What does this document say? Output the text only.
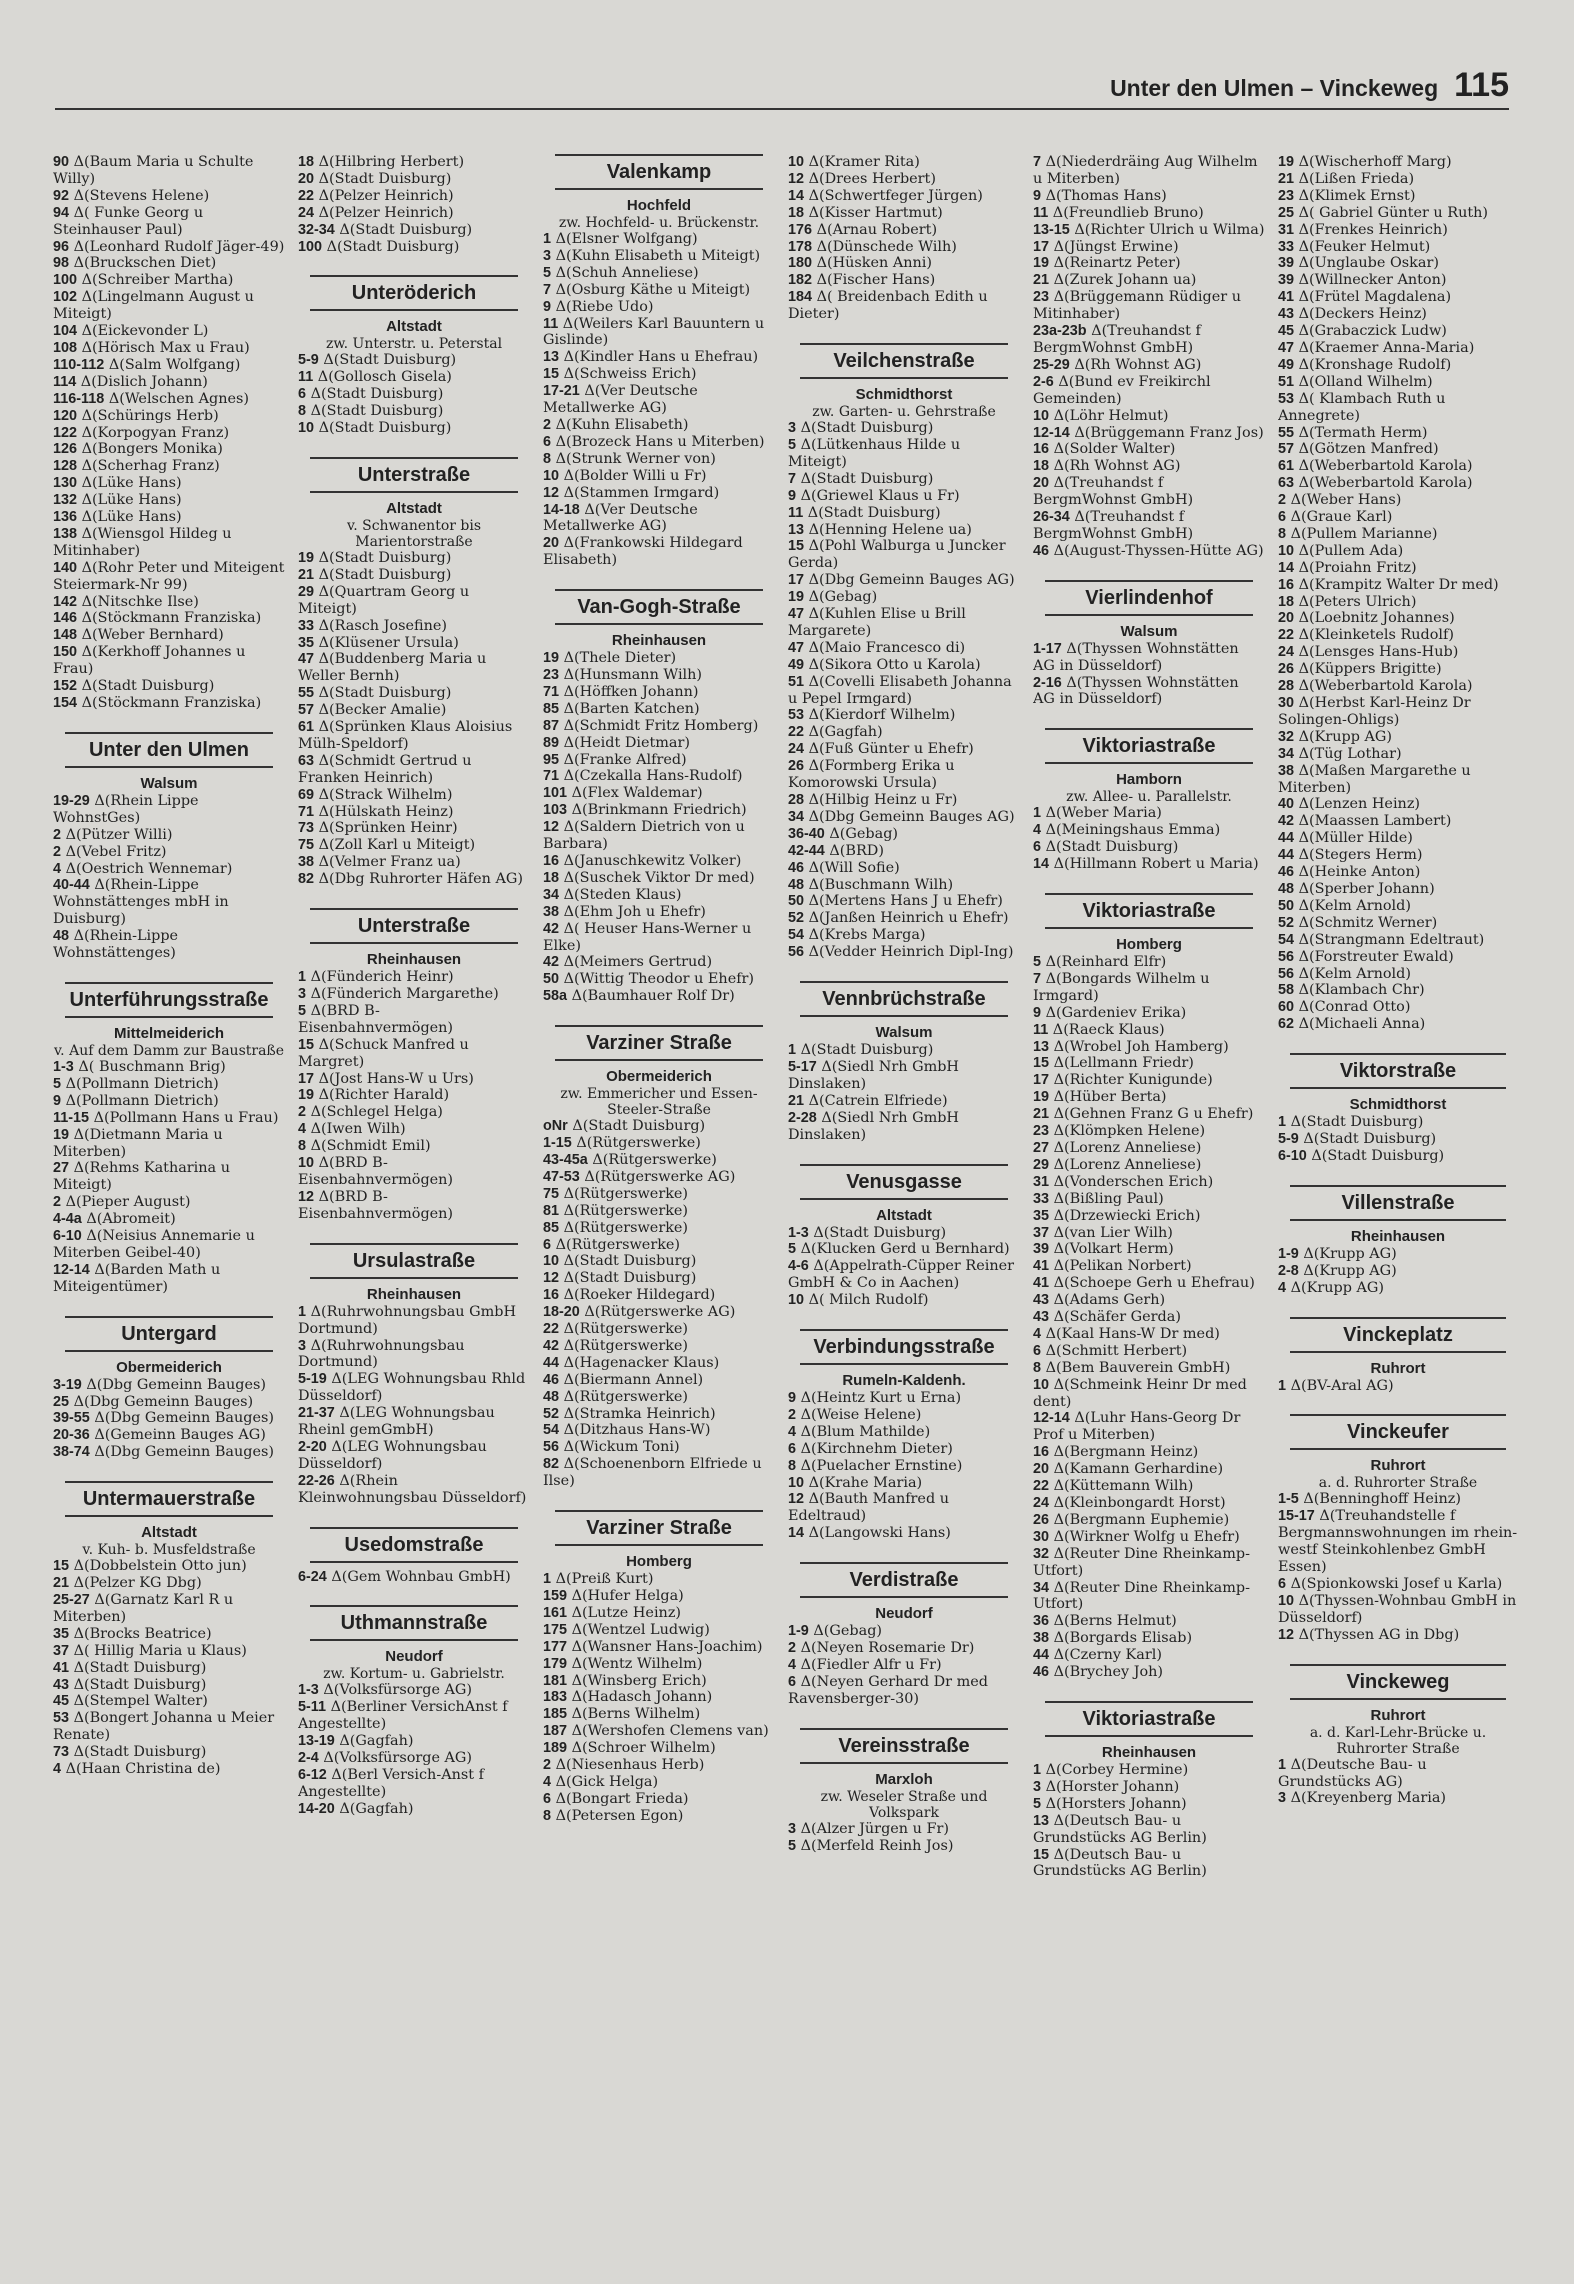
Unter den Ulmen – Vinckeweg 115
90 Δ(Baum Maria u Schulte Willy)
92 Δ(Stevens Helene)
94 Δ( Funke Georg u Steinhauser Paul)
96 Δ(Leonhard Rudolf Jäger-49)
98 Δ(Bruckschen Diet)
100 Δ(Schreiber Martha)
102 Δ(Lingelmann August u Miteigt)
104 Δ(Eickevonder L)
108 Δ(Hörisch Max u Frau)
110-112 Δ(Salm Wolfgang)
114 Δ(Dislich Johann)
116-118 Δ(Welschen Agnes)
120 Δ(Schürings Herb)
122 Δ(Korpogyan Franz)
126 Δ(Bongers Monika)
128 Δ(Scherhag Franz)
130 Δ(Lüke Hans)
132 Δ(Lüke Hans)
136 Δ(Lüke Hans)
138 Δ(Wiensgol Hildeg u Mitinhaber)
140 Δ(Rohr Peter und Miteigent Steiermark-Nr 99)
142 Δ(Nitschke Ilse)
146 Δ(Stöckmann Franziska)
148 Δ(Weber Bernhard)
150 Δ(Kerkhoff Johannes u Frau)
152 Δ(Stadt Duisburg)
154 Δ(Stöckmann Franziska)
Unter den Ulmen
Walsum
19-29 Δ(Rhein Lippe WohnstGes)
2 Δ(Pützer Willi)
2 Δ(Vebel Fritz)
4 Δ(Oestrich Wennemar)
40-44 Δ(Rhein-Lippe Wohnstättenges mbH in Duisburg)
48 Δ(Rhein-Lippe Wohnstättenges)
Unterführungsstraße
Mittelmeiderich
v. Auf dem Damm zur Baustraße
1-3 Δ( Buschmann Brig)
5 Δ(Pollmann Dietrich)
9 Δ(Pollmann Dietrich)
11-15 Δ(Pollmann Hans u Frau)
19 Δ(Dietmann Maria u Miterben)
27 Δ(Rehms Katharina u Miteigt)
2 Δ(Pieper August)
4-4a Δ(Abromeit)
6-10 Δ(Neisius Annemarie u Miterben Geibel-40)
12-14 Δ(Barden Math u Miteigentümer)
Untergard
Obermeiderich
3-19 Δ(Dbg Gemeinn Bauges)
25 Δ(Dbg Gemeinn Bauges)
39-55 Δ(Dbg Gemeinn Bauges)
20-36 Δ(Gemeinn Bauges AG)
38-74 Δ(Dbg Gemeinn Bauges)
Untermauerstraße
Altstadt
v. Kuh- b. Musfeldstraße
15 Δ(Dobbelstein Otto jun)
21 Δ(Pelzer KG Dbg)
25-27 Δ(Garnatz Karl R u Miterben)
35 Δ(Brocks Beatrice)
37 Δ( Hillig Maria u Klaus)
41 Δ(Stadt Duisburg)
43 Δ(Stadt Duisburg)
45 Δ(Stempel Walter)
53 Δ(Bongert Johanna u Meier Renate)
73 Δ(Stadt Duisburg)
4 Δ(Haan Christina de)
18 Δ(Hilbring Herbert)
20 Δ(Stadt Duisburg)
22 Δ(Pelzer Heinrich)
24 Δ(Pelzer Heinrich)
32-34 Δ(Stadt Duisburg)
100 Δ(Stadt Duisburg)
Unteröderich
Altstadt
zw. Unterstr. u. Peterstal
5-9 Δ(Stadt Duisburg)
11 Δ(Gollosch Gisela)
6 Δ(Stadt Duisburg)
8 Δ(Stadt Duisburg)
10 Δ(Stadt Duisburg)
Unterstraße
Altstadt
v. Schwanentor bis Marientorstraße
19 Δ(Stadt Duisburg)
21 Δ(Stadt Duisburg)
29 Δ(Quartram Georg u Miteigt)
33 Δ(Rasch Josefine)
35 Δ(Klüsener Ursula)
47 Δ(Buddenberg Maria u Weller Bernh)
55 Δ(Stadt Duisburg)
57 Δ(Becker Amalie)
61 Δ(Sprünken Klaus Aloisius Mülh-Speldorf)
63 Δ(Schmidt Gertrud u Franken Heinrich)
69 Δ(Strack Wilhelm)
71 Δ(Hülskath Heinz)
73 Δ(Sprünken Heinr)
75 Δ(Zoll Karl u Miteigt)
38 Δ(Velmer Franz ua)
82 Δ(Dbg Ruhrorter Häfen AG)
Unterstraße
Rheinhausen
1 Δ(Fünderich Heinr)
3 Δ(Fünderich Margarethe)
5 Δ(BRD B-Eisenbahnvermögen)
15 Δ(Schuck Manfred u Margret)
17 Δ(Jost Hans-W u Urs)
19 Δ(Richter Harald)
2 Δ(Schlegel Helga)
4 Δ(Iwen Wilh)
8 Δ(Schmidt Emil)
10 Δ(BRD B-Eisenbahnvermögen)
12 Δ(BRD B-Eisenbahnvermögen)
Ursulastraße
Rheinhausen
1 Δ(Ruhrwohnungsbau GmbH Dortmund)
3 Δ(Ruhrwohnungsbau Dortmund)
5-19 Δ(LEG Wohnungsbau Rhld Düsseldorf)
21-37 Δ(LEG Wohnungsbau Rheinl gemGmbH)
2-20 Δ(LEG Wohnungsbau Düsseldorf)
22-26 Δ(Rhein Kleinwohnungsbau Düsseldorf)
Usedomstraße
6-24 Δ(Gem Wohnbau GmbH)
Uthmannstraße
Neudorf
zw. Kortum- u. Gabrielstr.
1-3 Δ(Volksfürsorge AG)
5-11 Δ(Berliner VersichAnst f Angestellte)
13-19 Δ(Gagfah)
2-4 Δ(Volksfürsorge AG)
6-12 Δ(Berl Versich-Anst f Angestellte)
14-20 Δ(Gagfah)
Valenkamp
Hochfeld
zw. Hochfeld- u. Brückenstr.
1 Δ(Elsner Wolfgang)
3 Δ(Kuhn Elisabeth u Miteigt)
5 Δ(Schuh Anneliese)
7 Δ(Osburg Käthe u Miteigt)
9 Δ(Riebe Udo)
11 Δ(Weilers Karl Bauuntern u Gislinde)
13 Δ(Kindler Hans u Ehefrau)
15 Δ(Schweiss Erich)
17-21 Δ(Ver Deutsche Metallwerke AG)
2 Δ(Kuhn Elisabeth)
6 Δ(Brozeck Hans u Miterben)
8 Δ(Strunk Werner von)
10 Δ(Bolder Willi u Fr)
12 Δ(Stammen Irmgard)
14-18 Δ(Ver Deutsche Metallwerke AG)
20 Δ(Frankowski Hildegard Elisabeth)
Van-Gogh-Straße
Rheinhausen
19 Δ(Thele Dieter)
23 Δ(Hunsmann Wilh)
71 Δ(Höffken Johann)
85 Δ(Barten Katchen)
87 Δ(Schmidt Fritz Homberg)
89 Δ(Heidt Dietmar)
95 Δ(Franke Alfred)
71 Δ(Czekalla Hans-Rudolf)
101 Δ(Flex Waldemar)
103 Δ(Brinkmann Friedrich)
12 Δ(Saldern Dietrich von u Barbara)
16 Δ(Januschkewitz Volker)
18 Δ(Suschek Viktor Dr med)
34 Δ(Steden Klaus)
38 Δ(Ehm Joh u Ehefr)
42 Δ( Heuser Hans-Werner u Elke)
42 Δ(Meimers Gertrud)
50 Δ(Wittig Theodor u Ehefr)
58a Δ(Baumhauer Rolf Dr)
Varziner Straße
Obermeiderich
zw. Emmericher und Essen-Steeler-Straße
oNr Δ(Stadt Duisburg)
1-15 Δ(Rütgerswerke)
43-45a Δ(Rütgerswerke)
47-53 Δ(Rütgerswerke AG)
75 Δ(Rütgerswerke)
81 Δ(Rütgerswerke)
85 Δ(Rütgerswerke)
6 Δ(Rütgerswerke)
10 Δ(Stadt Duisburg)
12 Δ(Stadt Duisburg)
16 Δ(Roeker Hildegard)
18-20 Δ(Rütgerswerke AG)
22 Δ(Rütgerswerke)
42 Δ(Rütgerswerke)
44 Δ(Hagenacker Klaus)
46 Δ(Biermann Annel)
48 Δ(Rütgerswerke)
52 Δ(Stramka Heinrich)
54 Δ(Ditzhaus Hans-W)
56 Δ(Wickum Toni)
82 Δ(Schoenenborn Elfriede u Ilse)
Varziner Straße
Homberg
1 Δ(Preiß Kurt)
159 Δ(Hufer Helga)
161 Δ(Lutze Heinz)
175 Δ(Wentzel Ludwig)
177 Δ(Wansner Hans-Joachim)
179 Δ(Wentz Wilhelm)
181 Δ(Winsberg Erich)
183 Δ(Hadasch Johann)
185 Δ(Berns Wilhelm)
187 Δ(Wershofen Clemens van)
189 Δ(Schroer Wilhelm)
2 Δ(Niesenhaus Herb)
4 Δ(Gick Helga)
6 Δ(Bongart Frieda)
8 Δ(Petersen Egon)
10 Δ(Kramer Rita)
12 Δ(Drees Herbert)
14 Δ(Schwertfeger Jürgen)
18 Δ(Kisser Hartmut)
176 Δ(Arnau Robert)
178 Δ(Dünschede Wilh)
180 Δ(Hüsken Anni)
182 Δ(Fischer Hans)
184 Δ( Breidenbach Edith u Dieter)
Veilchenstraße
Schmidthorst
zw. Garten- u. Gehrstraße
3 Δ(Stadt Duisburg)
5 Δ(Lütkenhaus Hilde u Miteigt)
7 Δ(Stadt Duisburg)
9 Δ(Griewel Klaus u Fr)
11 Δ(Stadt Duisburg)
13 Δ(Henning Helene ua)
15 Δ(Pohl Walburga u Juncker Gerda)
17 Δ(Dbg Gemeinn Bauges AG)
19 Δ(Gebag)
47 Δ(Kuhlen Elise u Brill Margarete)
47 Δ(Maio Francesco di)
49 Δ(Sikora Otto u Karola)
51 Δ(Covelli Elisabeth Johanna u Pepel Irmgard)
53 Δ(Kierdorf Wilhelm)
22 Δ(Gagfah)
24 Δ(Fuß Günter u Ehefr)
26 Δ(Formberg Erika u Komorowski Ursula)
28 Δ(Hilbig Heinz u Fr)
34 Δ(Dbg Gemeinn Bauges AG)
36-40 Δ(Gebag)
42-44 Δ(BRD)
46 Δ(Will Sofie)
48 Δ(Buschmann Wilh)
50 Δ(Mertens Hans J u Ehefr)
52 Δ(Janßen Heinrich u Ehefr)
54 Δ(Krebs Marga)
56 Δ(Vedder Heinrich Dipl-Ing)
Vennbrüchstraße
Walsum
1 Δ(Stadt Duisburg)
5-17 Δ(Siedl Nrh GmbH Dinslaken)
21 Δ(Catrein Elfriede)
2-28 Δ(Siedl Nrh GmbH Dinslaken)
Venusgasse
Altstadt
1-3 Δ(Stadt Duisburg)
5 Δ(Klucken Gerd u Bernhard)
4-6 Δ(Appelrath-Cüpper Reiner GmbH & Co in Aachen)
10 Δ( Milch Rudolf)
Verbindungsstraße
Rumeln-Kaldenh.
9 Δ(Heintz Kurt u Erna)
2 Δ(Weise Helene)
4 Δ(Blum Mathilde)
6 Δ(Kirchnehm Dieter)
8 Δ(Puelacher Ernstine)
10 Δ(Krahe Maria)
12 Δ(Bauth Manfred u Edeltraud)
14 Δ(Langowski Hans)
Verdistraße
Neudorf
1-9 Δ(Gebag)
2 Δ(Neyen Rosemarie Dr)
4 Δ(Fiedler Alfr u Fr)
6 Δ(Neyen Gerhard Dr med Ravensberger-30)
Vereinsstraße
Marxloh
zw. Weseler Straße und Volkspark
3 Δ(Alzer Jürgen u Fr)
5 Δ(Merfeld Reinh Jos)
7 Δ(Niederdräing Aug Wilhelm u Miterben)
9 Δ(Thomas Hans)
11 Δ(Freundlieb Bruno)
13-15 Δ(Richter Ulrich u Wilma)
17 Δ(Jüngst Erwine)
19 Δ(Reinartz Peter)
21 Δ(Zurek Johann ua)
23 Δ(Brüggemann Rüdiger u Mitinhaber)
23a-23b Δ(Treuhandst f BergmWohnst GmbH)
25-29 Δ(Rh Wohnst AG)
2-6 Δ(Bund ev Freikirchl Gemeinden)
10 Δ(Löhr Helmut)
12-14 Δ(Brüggemann Franz Jos)
16 Δ(Solder Walter)
18 Δ(Rh Wohnst AG)
20 Δ(Treuhandst f BergmWohnst GmbH)
26-34 Δ(Treuhandst f BergmWohnst GmbH)
46 Δ(August-Thyssen-Hütte AG)
Vierlindenhof
Walsum
1-17 Δ(Thyssen Wohnstätten AG in Düsseldorf)
2-16 Δ(Thyssen Wohnstätten AG in Düsseldorf)
Viktoriastraße
Hamborn
zw. Allee- u. Parallelstr.
1 Δ(Weber Maria)
4 Δ(Meiningshaus Emma)
6 Δ(Stadt Duisburg)
14 Δ(Hillmann Robert u Maria)
Viktoriastraße
Homberg
5 Δ(Reinhard Elfr)
7 Δ(Bongards Wilhelm u Irmgard)
9 Δ(Gardeniev Erika)
11 Δ(Raeck Klaus)
13 Δ(Wrobel Joh Hamberg)
15 Δ(Lellmann Friedr)
17 Δ(Richter Kunigunde)
19 Δ(Hüber Berta)
21 Δ(Gehnen Franz G u Ehefr)
23 Δ(Klömpken Helene)
27 Δ(Lorenz Anneliese)
29 Δ(Lorenz Anneliese)
31 Δ(Vonderschen Erich)
33 Δ(Bißling Paul)
35 Δ(Drzewiecki Erich)
37 Δ(van Lier Wilh)
39 Δ(Volkart Herm)
41 Δ(Pelikan Norbert)
41 Δ(Schoepe Gerh u Ehefrau)
43 Δ(Adams Gerh)
43 Δ(Schäfer Gerda)
4 Δ(Kaal Hans-W Dr med)
6 Δ(Schmitt Herbert)
8 Δ(Bem Bauverein GmbH)
10 Δ(Schmeink Heinr Dr med dent)
12-14 Δ(Luhr Hans-Georg Dr Prof u Miterben)
16 Δ(Bergmann Heinz)
20 Δ(Kamann Gerhardine)
22 Δ(Küttemann Wilh)
24 Δ(Kleinbongardt Horst)
26 Δ(Bergmann Euphemie)
30 Δ(Wirkner Wolfg u Ehefr)
32 Δ(Reuter Dine Rheinkamp-Utfort)
34 Δ(Reuter Dine Rheinkamp-Utfort)
36 Δ(Berns Helmut)
38 Δ(Borgards Elisab)
44 Δ(Czerny Karl)
46 Δ(Brychey Joh)
Viktoriastraße
Rheinhausen
1 Δ(Corbey Hermine)
3 Δ(Horster Johann)
5 Δ(Horsters Johann)
13 Δ(Deutsch Bau- u Grundstücks AG Berlin)
15 Δ(Deutsch Bau- u Grundstücks AG Berlin)
19 Δ(Wischerhoff Marg)
21 Δ(Lißen Frieda)
23 Δ(Klimek Ernst)
25 Δ( Gabriel Günter u Ruth)
31 Δ(Frenkes Heinrich)
33 Δ(Feuker Helmut)
39 Δ(Unglaube Oskar)
39 Δ(Willnecker Anton)
41 Δ(Frütel Magdalena)
43 Δ(Deckers Heinz)
45 Δ(Grabaczick Ludw)
47 Δ(Kraemer Anna-Maria)
49 Δ(Kronshage Rudolf)
51 Δ(Olland Wilhelm)
53 Δ( Klambach Ruth u Annegrete)
55 Δ(Termath Herm)
57 Δ(Götzen Manfred)
61 Δ(Weberbartold Karola)
63 Δ(Weberbartold Karola)
2 Δ(Weber Hans)
6 Δ(Graue Karl)
8 Δ(Pullem Marianne)
10 Δ(Pullem Ada)
14 Δ(Proiahn Fritz)
16 Δ(Krampitz Walter Dr med)
18 Δ(Peters Ulrich)
20 Δ(Loebnitz Johannes)
22 Δ(Kleinketels Rudolf)
24 Δ(Lensges Hans-Hub)
26 Δ(Küppers Brigitte)
28 Δ(Weberbartold Karola)
30 Δ(Herbst Karl-Heinz Dr Solingen-Ohligs)
32 Δ(Krupp AG)
34 Δ(Tüg Lothar)
38 Δ(Maßen Margarethe u Miterben)
40 Δ(Lenzen Heinz)
42 Δ(Maassen Lambert)
44 Δ(Müller Hilde)
44 Δ(Stegers Herm)
46 Δ(Heinke Anton)
48 Δ(Sperber Johann)
50 Δ(Kelm Arnold)
52 Δ(Schmitz Werner)
54 Δ(Strangmann Edeltraut)
56 Δ(Forstreuter Ewald)
56 Δ(Kelm Arnold)
58 Δ(Klambach Chr)
60 Δ(Conrad Otto)
62 Δ(Michaeli Anna)
Viktorstraße
Schmidthorst
1 Δ(Stadt Duisburg)
5-9 Δ(Stadt Duisburg)
6-10 Δ(Stadt Duisburg)
Villenstraße
Rheinhausen
1-9 Δ(Krupp AG)
2-8 Δ(Krupp AG)
4 Δ(Krupp AG)
Vinckeplatz
Ruhrort
1 Δ(BV-Aral AG)
Vinckeufer
Ruhrort
a. d. Ruhrorter Straße
1-5 Δ(Benninghoff Heinz)
15-17 Δ(Treuhandstelle f Bergmannswohnungen im rhein-westf Steinkohlenbez GmbH Essen)
6 Δ(Spionkowski Josef u Karla)
10 Δ(Thyssen-Wohnbau GmbH in Düsseldorf)
12 Δ(Thyssen AG in Dbg)
Vinckeweg
Ruhrort
a. d. Karl-Lehr-Brücke u. Ruhrorter Straße
1 Δ(Deutsche Bau- u Grundstücks AG)
3 Δ(Kreyenberg Maria)
